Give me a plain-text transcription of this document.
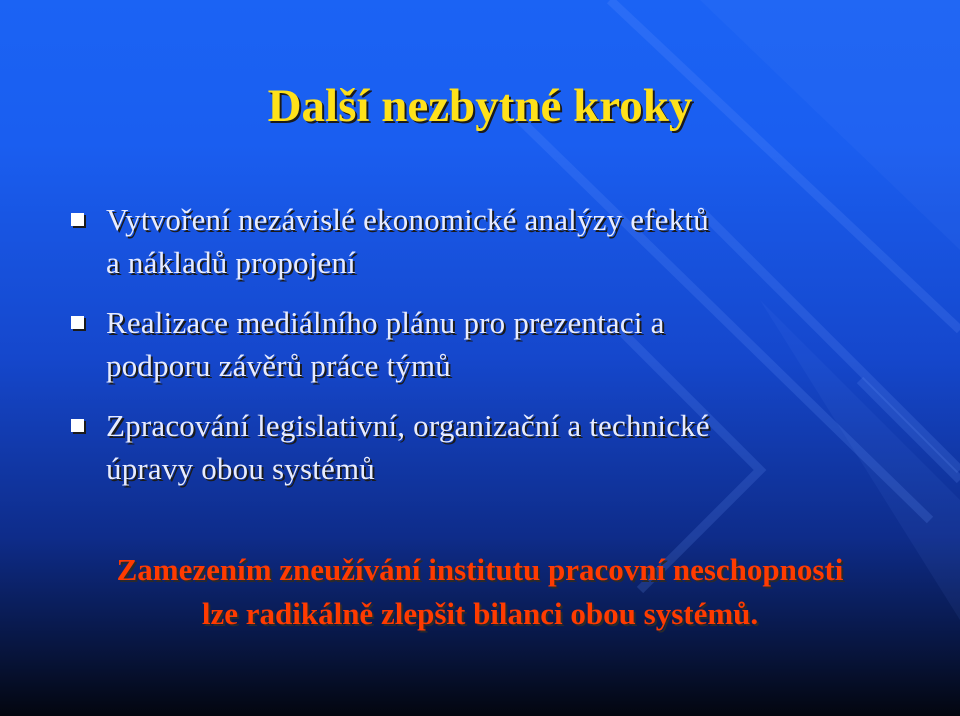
Další nezbytné kroky
Vytvoření nezávislé ekonomické analýzy efektů
a nákladů propojení
Realizace mediálního plánu pro prezentaci a
podporu závěrů práce týmů
Zpracování legislativní, organizační a technické
úpravy obou systémů
Zamezením zneužívání institutu pracovní neschopnosti
lze radikálně zlepšit bilanci obou systémů.
